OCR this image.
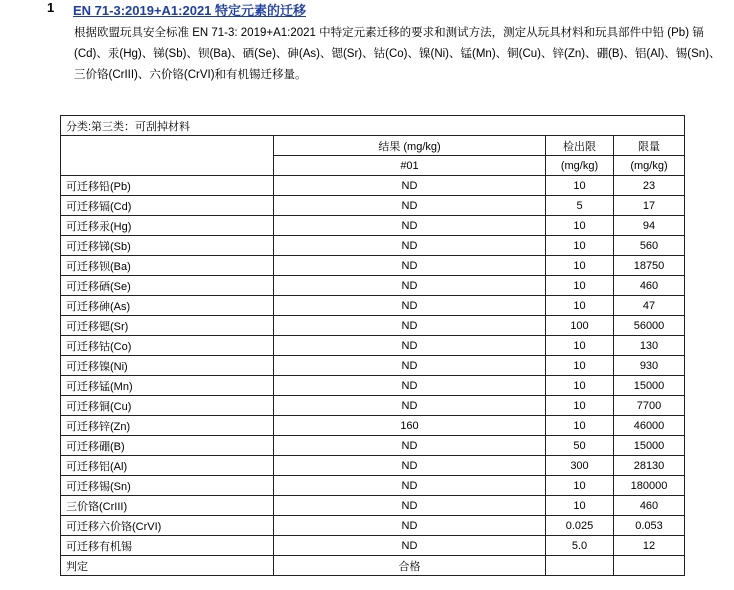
1	EN 71-3:2019+A1:2021 特定元素的迁移
根据欧盟玩具安全标准 EN 71-3: 2019+A1:2021 中特定元素迁移的要求和测试方法，测定从玩具材料和玩具部件中铅 (Pb) 镉
(Cd)、汞(Hg)、锑(Sb)、钡(Ba)、硒(Se)、砷(As)、锶(Sr)、钴(Co)、镍(Ni)、锰(Mn)、铜(Cu)、锌(Zn)、硼(B)、铝(Al)、锡(Sn)、
三价铬(CrIII)、六价铬(CrVI)和有机锡迁移量。
分类:第三类：可刮掉材料			
	结果 (mg/kg)	检出限	限量
	#01	(mg/kg)	(mg/kg)
可迁移铅(Pb)	ND	10	23
可迁移镉(Cd)	ND	5	17
可迁移汞(Hg)	ND	10	94
可迁移锑(Sb)	ND	10	560
可迁移钡(Ba)	ND	10	18750
可迁移硒(Se)	ND	10	460
可迁移砷(As)	ND	10	47
可迁移锶(Sr)	ND	100	56000
可迁移钴(Co)	ND	10	130
可迁移镍(Ni)	ND	10	930
可迁移锰(Mn)	ND	10	15000
可迁移铜(Cu)	ND	10	7700
可迁移锌(Zn)	160	10	46000
可迁移硼(B)	ND	50	15000
可迁移铝(Al)	ND	300	28130
可迁移锡(Sn)	ND	10	180000
三价铬(CrIII)	ND	10	460
可迁移六价铬(CrVI)	ND	0.025	0.053
可迁移有机锡	ND	5.0	12
判定	合格		
